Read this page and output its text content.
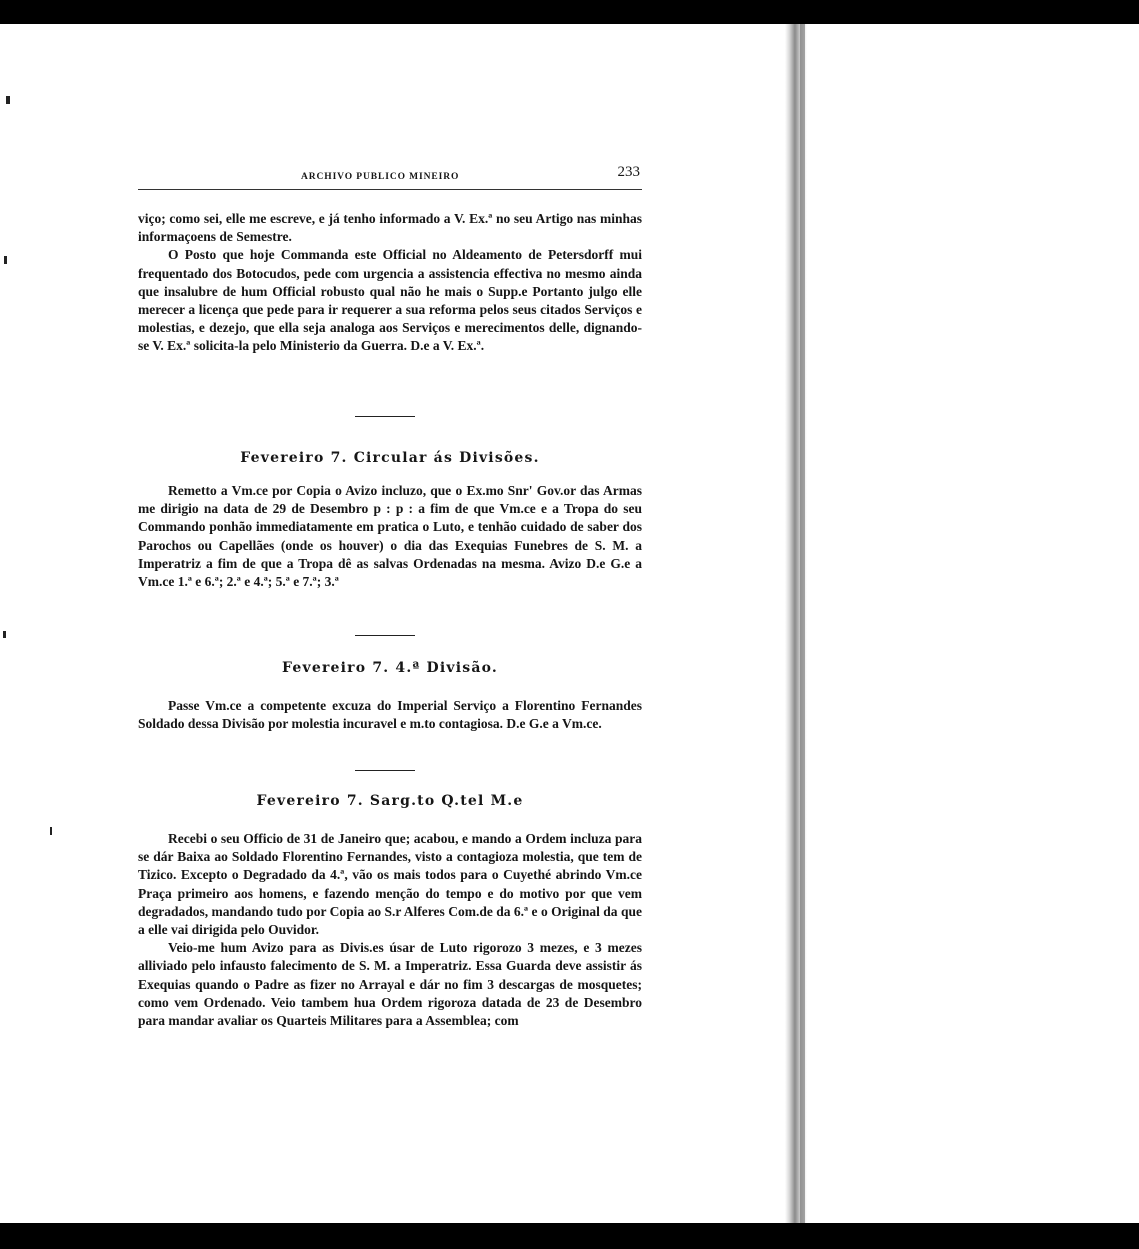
ARCHIVO PUBLICO MINEIRO	233

viço; como sei, elle me escreve, e já tenho informado a V. Ex.ª no seu Artigo nas minhas informaçoens de Semestre.

O Posto que hoje Commanda este Official no Aldeamento de Petersdorff mui frequentado dos Botocudos, pede com urgencia a assistencia effectiva no mesmo ainda que insalubre de hum Official robusto qual não he mais o Supp.e Portanto julgo elle merecer a licença que pede para ir requerer a sua reforma pelos seus citados Serviços e molestias, e dezejo, que ella seja analoga aos Serviços e merecimentos delle, dignando-se V. Ex.ª solicita-la pelo Ministerio da Guerra. D.e a V. Ex.ª.

Fevereiro 7. Circular ás Divisões.

Remetto a Vm.ce por Copia o Avizo incluzo, que o Ex.mo Snr' Gov.or das Armas me dirigio na data de 29 de Desembro p : p : a fim de que Vm.ce e a Tropa do seu Commando ponhão immediatamente em pratica o Luto, e tenhão cuidado de saber dos Parochos ou Capellães (onde os houver) o dia das Exequias Funebres de S. M. a Imperatriz a fim de que a Tropa dê as salvas Ordenadas na mesma. Avizo D.e G.e a Vm.ce 1.ª e 6.ª; 2.ª e 4.ª; 5.ª e 7.ª; 3.ª

Fevereiro 7. 4.ª Divisão.

Passe Vm.ce a competente excuza do Imperial Serviço a Florentino Fernandes Soldado dessa Divisão por molestia incuravel e m.to contagiosa. D.e G.e a Vm.ce.

Fevereiro 7. Sarg.to Q.tel M.e

Recebi o seu Officio de 31 de Janeiro que; acabou, e mando a Ordem incluza para se dár Baixa ao Soldado Florentino Fernandes, visto a contagioza molestia, que tem de Tizico. Excepto o Degradado da 4.ª, vão os mais todos para o Cuyethé abrindo Vm.ce Praça primeiro aos homens, e fazendo menção do tempo e do motivo por que vem degradados, mandando tudo por Copia ao S.r Alferes Com.de da 6.ª e o Original da que a elle vai dirigida pelo Ouvidor.

Veio-me hum Avizo para as Divis.es úsar de Luto rigorozo 3 mezes, e 3 mezes alliviado pelo infausto falecimento de S. M. a Imperatriz. Essa Guarda deve assistir ás Exequias quando o Padre as fizer no Arrayal e dár no fim 3 descargas de mosquetes; como vem Ordenado. Veio tambem hua Ordem rigoroza datada de 23 de Desembro para mandar avaliar os Quarteis Militares para a Assemblea; com
